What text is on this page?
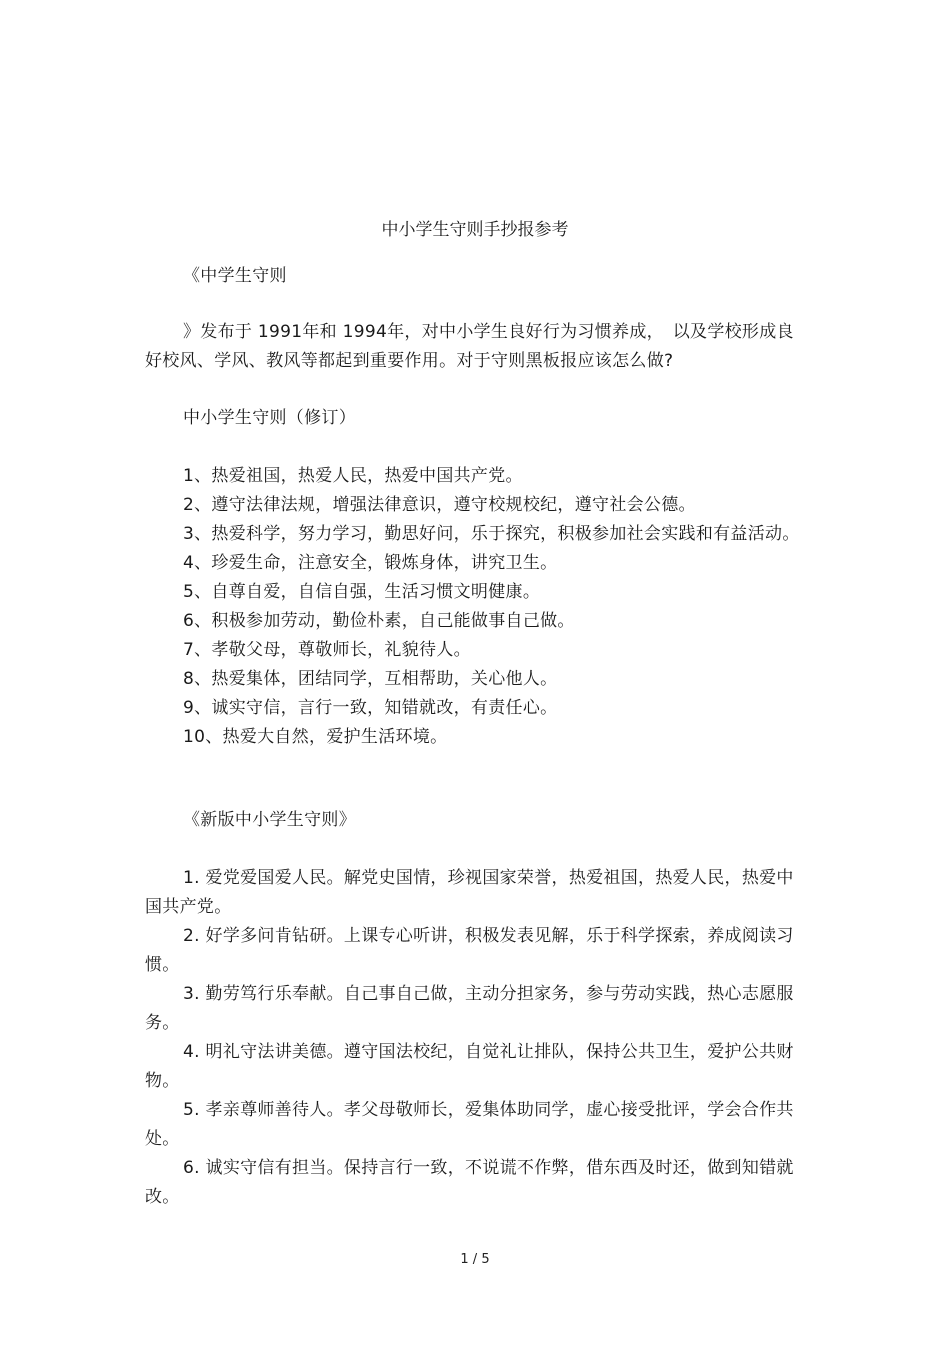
中小学生守则手抄报参考

《中学生守则

》发布于 1991年和 1994年，对中小学生良好行为习惯养成，　以及学校形成良好校风、学风、教风等都起到重要作用。对于守则黑板报应该怎么做?

中小学生守则（修订）

1、热爱祖国，热爱人民，热爱中国共产党。

2、遵守法律法规，增强法律意识，遵守校规校纪，遵守社会公德。

3、热爱科学，努力学习，勤思好问，乐于探究，积极参加社会实践和有益活动。

4、珍爱生命，注意安全，锻炼身体，讲究卫生。

5、自尊自爱，自信自强，生活习惯文明健康。

6、积极参加劳动，勤俭朴素，自己能做事自己做。

7、孝敬父母，尊敬师长，礼貌待人。

8、热爱集体，团结同学，互相帮助，关心他人。

9、诚实守信，言行一致，知错就改，有责任心。

10、热爱大自然，爱护生活环境。

《新版中小学生守则》

1. 爱党爱国爱人民。解党史国情，珍视国家荣誉，热爱祖国，热爱人民，热爱中国共产党。

2. 好学多问肯钻研。上课专心听讲，积极发表见解，乐于科学探索，养成阅读习惯。

3. 勤劳笃行乐奉献。自己事自己做，主动分担家务，参与劳动实践，热心志愿服务。

4. 明礼守法讲美德。遵守国法校纪，自觉礼让排队，保持公共卫生，爱护公共财物。

5. 孝亲尊师善待人。孝父母敬师长，爱集体助同学，虚心接受批评，学会合作共处。

6. 诚实守信有担当。保持言行一致，不说谎不作弊，借东西及时还，做到知错就改。

1 / 5
